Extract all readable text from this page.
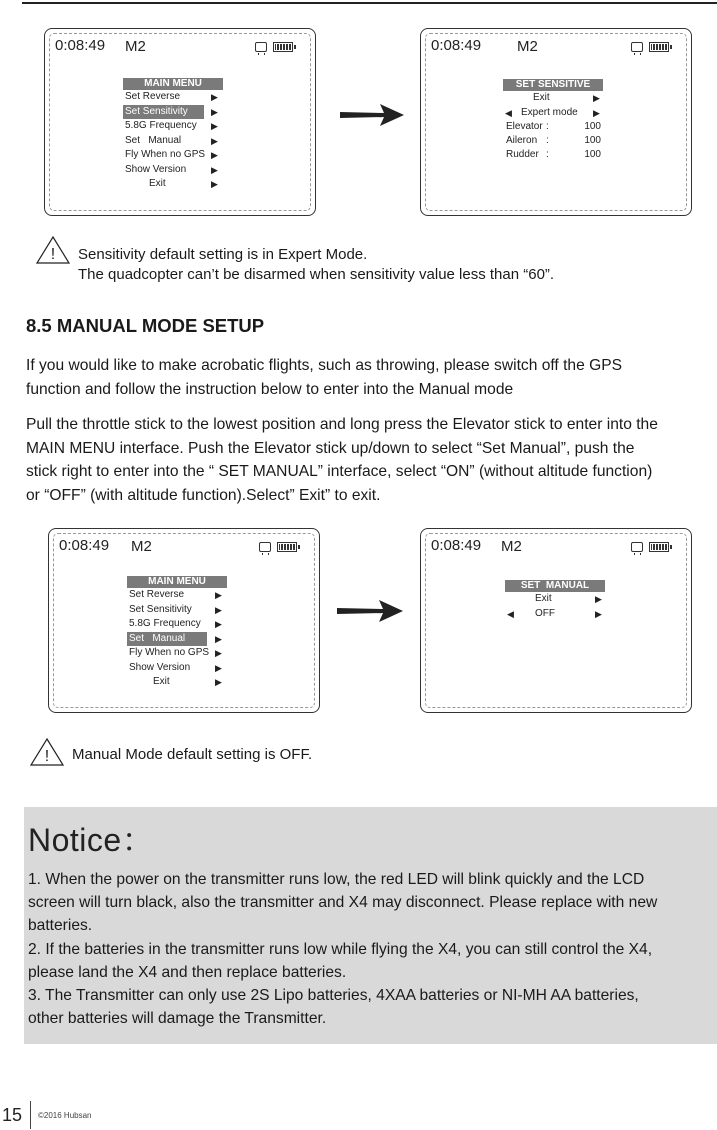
0:08:49 M2
MAIN MENU
Set Reverse	▶
Set Sensitivity	▶
5.8G Frequency ▶
Set   Manual	▶
Fly When no GPS ▶
Show Version	▶
Exit	▶
0:08:49 M2
SET SENSITIVE
Exit	▶
◀ Expert mode ▶
Elevator :	100
Aileron :	100
Rudder :	100
! Sensitivity default setting is in Expert Mode.
The quadcopter can’t be disarmed when sensitivity value less than “60”.
8.5 MANUAL MODE SETUP
If you would like to make acrobatic flights, such as throwing, please switch off the GPS
function and follow the instruction below to enter into the Manual mode
Pull the throttle stick to the lowest position and long press the Elevator stick to enter into the
MAIN MENU interface. Push the Elevator stick up/down to select “Set Manual”, push the
stick right to enter into the “ SET MANUAL” interface, select “ON” (without altitude function)
or “OFF” (with altitude function).Select” Exit” to exit.
0:08:49 M2
MAIN MENU
Set Reverse	▶
Set Sensitivity	▶
5.8G Frequency ▶
Set   Manual	▶
Fly When no GPS ▶
Show Version	▶
Exit	▶
0:08:49 M2
SET  MANUAL
Exit	▶
◀ OFF	▶
! Manual Mode default setting is OFF.
Notice：
1. When the power on the transmitter runs low, the red LED will blink quickly and the LCD
screen will turn black, also the transmitter and X4 may disconnect. Please replace with new
batteries.
2. If the batteries in the transmitter runs low while flying the X4, you can still control the X4,
please land the X4 and then replace batteries.
3. The Transmitter can only use 2S Lipo batteries, 4XAA batteries or NI-MH AA batteries,
other batteries will damage the Transmitter.
15 ©2016 Hubsan
